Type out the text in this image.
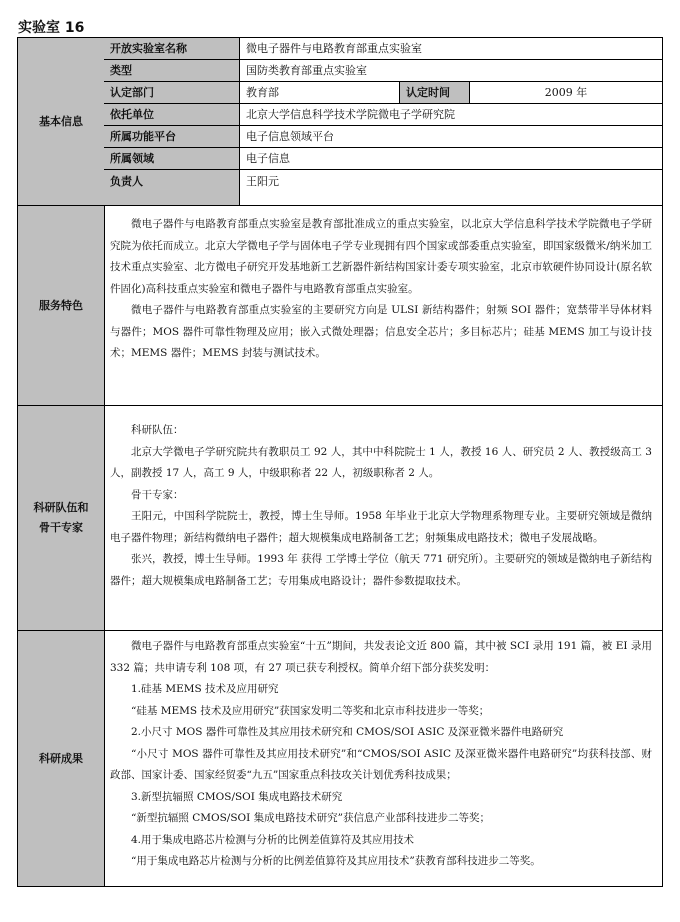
实验室 16
基本信息
开放实验室名称	微电子器件与电路教育部重点实验室
类型	国防类教育部重点实验室
认定部门	教育部	认定时间	2009 年
依托单位	北京大学信息科学技术学院微电子学研究院
所属功能平台	电子信息领域平台
所属领域	电子信息
负责人	王阳元
服务特色

微电子器件与电路教育部重点实验室是教育部批准成立的重点实验室，以北京大学信息科学技术学院微电子学研究院为依托而成立。北京大学微电子学与固体电子学专业现拥有四个国家或部委重点实验室，即国家级微米/纳米加工技术重点实验室、北方微电子研究开发基地新工艺新器件新结构国家计委专项实验室，北京市软硬件协同设计(原名软件固化)高科技重点实验室和微电子器件与电路教育部重点实验室。

微电子器件与电路教育部重点实验室的主要研究方向是 ULSI 新结构器件；射频 SOI 器件；宽禁带半导体材料与器件；MOS 器件可靠性物理及应用；嵌入式微处理器；信息安全芯片；多目标芯片；硅基 MEMS 加工与设计技术；MEMS 器件；MEMS 封装与测试技术。

科研队伍和
骨干专家

科研队伍：

北京大学微电子学研究院共有教职员工 92 人，其中中科院院士 1 人，教授 16 人、研究员 2 人、教授级高工 3 人，副教授 17 人，高工 9 人，中级职称者 22 人，初级职称者 2 人。

骨干专家：

王阳元，中国科学院院士，教授，博士生导师。1958 年毕业于北京大学物理系物理专业。主要研究领域是微纳电子器件物理；新结构微纳电子器件；超大规模集成电路制备工艺；射频集成电路技术；微电子发展战略。

张兴，教授，博士生导师。1993 年 获得 工学博士学位（航天 771 研究所）。主要研究的领域是微纳电子新结构器件；超大规模集成电路制备工艺；专用集成电路设计；器件参数提取技术。

科研成果

微电子器件与电路教育部重点实验室“十五”期间，共发表论文近 800 篇，其中被 SCI 录用 191 篇，被 EI 录用 332 篇；共申请专利 108 项，有 27 项已获专利授权。简单介绍下部分获奖发明：

1.硅基 MEMS 技术及应用研究

“硅基 MEMS 技术及应用研究”获国家发明二等奖和北京市科技进步一等奖；

2.小尺寸 MOS 器件可靠性及其应用技术研究和 CMOS/SOI ASIC 及深亚微米器件电路研究

“小尺寸 MOS 器件可靠性及其应用技术研究”和“CMOS/SOI ASIC 及深亚微米器件电路研究”均获科技部、财政部、国家计委、国家经贸委“九五”国家重点科技攻关计划优秀科技成果；

3.新型抗辐照 CMOS/SOI 集成电路技术研究

“新型抗辐照 CMOS/SOI 集成电路技术研究”获信息产业部科技进步二等奖；

4.用于集成电路芯片检测与分析的比例差值算符及其应用技术

“用于集成电路芯片检测与分析的比例差值算符及其应用技术”获教育部科技进步二等奖。
